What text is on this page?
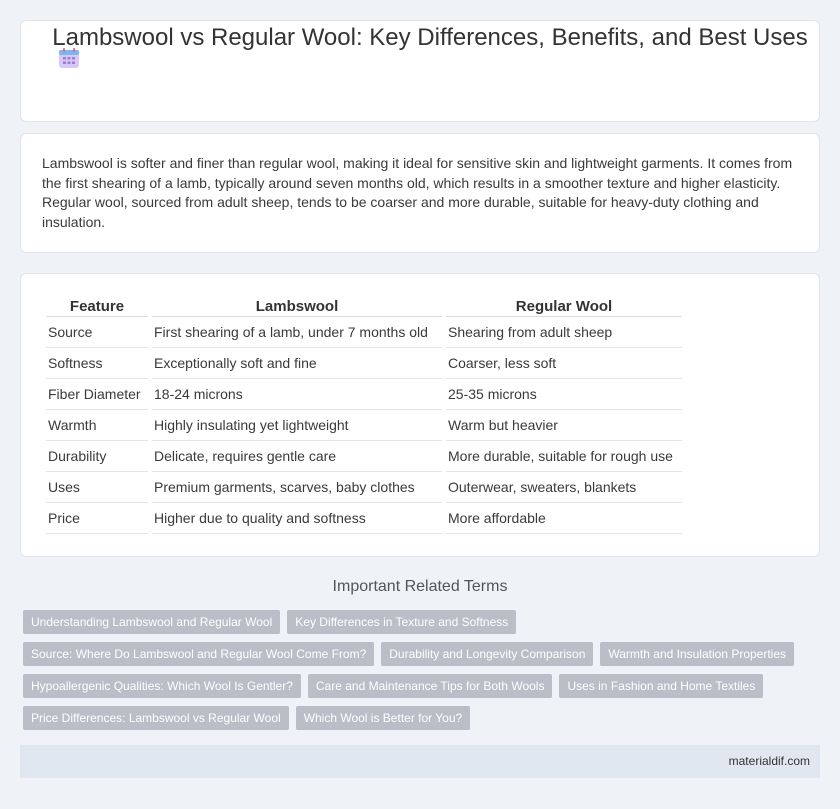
Lambswool vs Regular Wool: Key Differences, Benefits, and Best Uses

Lambswool is softer and finer than regular wool, making it ideal for sensitive skin and lightweight garments. It comes from the first shearing of a lamb, typically around seven months old, which results in a smoother texture and higher elasticity. Regular wool, sourced from adult sheep, tends to be coarser and more durable, suitable for heavy-duty clothing and insulation.

Feature	Lambswool	Regular Wool
Source	First shearing of a lamb, under 7 months old	Shearing from adult sheep
Softness	Exceptionally soft and fine	Coarser, less soft
Fiber Diameter	18-24 microns	25-35 microns
Warmth	Highly insulating yet lightweight	Warm but heavier
Durability	Delicate, requires gentle care	More durable, suitable for rough use
Uses	Premium garments, scarves, baby clothes	Outerwear, sweaters, blankets
Price	Higher due to quality and softness	More affordable
Important Related Terms
Understanding Lambswool and Regular Wool	Key Differences in Texture and Softness
Source: Where Do Lambswool and Regular Wool Come From?	Durability and Longevity Comparison	Warmth and Insulation Properties
Hypoallergenic Qualities: Which Wool Is Gentler?	Care and Maintenance Tips for Both Wools	Uses in Fashion and Home Textiles
Price Differences: Lambswool vs Regular Wool	Which Wool is Better for You?
materialdif.com
